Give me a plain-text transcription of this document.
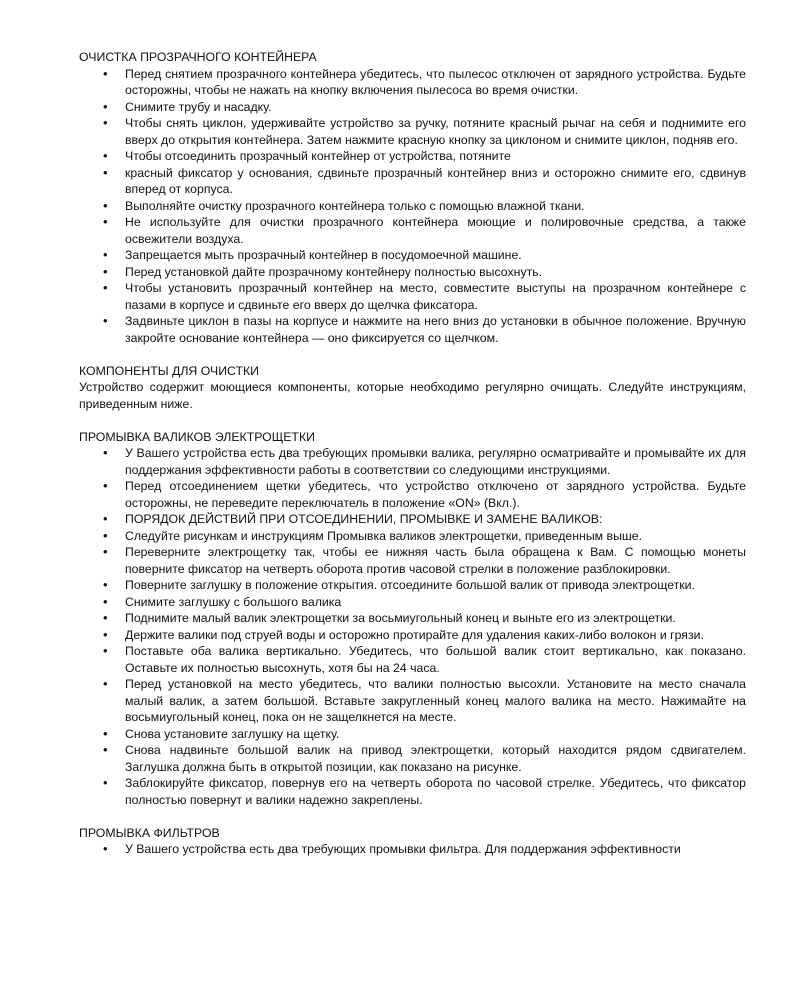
ОЧИСТКА ПРОЗРАЧНОГО КОНТЕЙНЕРА

• Перед снятием прозрачного контейнера убедитесь, что пылесос отключен от зарядного устройства. Будьте осторожны, чтобы не нажать на кнопку включения пылесоса во время очистки.
• Снимите трубу и насадку.
• Чтобы снять циклон, удерживайте устройство за ручку, потяните красный рычаг на себя и поднимите его вверх до открытия контейнера. Затем нажмите красную кнопку за циклоном и снимите циклон, подняв его.
• Чтобы отсоединить прозрачный контейнер от устройства, потяните
• красный фиксатор у основания, сдвиньте прозрачный контейнер вниз и осторожно снимите его, сдвинув вперед от корпуса.
• Выполняйте очистку прозрачного контейнера только с помощью влажной ткани.
• Не используйте для очистки прозрачного контейнера моющие и полировочные средства, а также освежители воздуха.
• Запрещается мыть прозрачный контейнер в посудомоечной машине.
• Перед установкой дайте прозрачному контейнеру полностью высохнуть.
• Чтобы установить прозрачный контейнер на место, совместите выступы на прозрачном контейнере с пазами в корпусе и сдвиньте его вверх до щелчка фиксатора.
• Задвиньте циклон в пазы на корпусе и нажмите на него вниз до установки в обычное положение. Вручную закройте основание контейнера — оно фиксируется со щелчком.

КОМПОНЕНТЫ ДЛЯ ОЧИСТКИ

Устройство содержит моющиеся компоненты, которые необходимо регулярно очищать. Следуйте инструкциям, приведенным ниже.

ПРОМЫВКА ВАЛИКОВ ЭЛЕКТРОЩЕТКИ

• У Вашего устройства есть два требующих промывки валика, регулярно осматривайте и промывайте их для поддержания эффективности работы в соответствии со следующими инструкциями.
• Перед отсоединением щетки убедитесь, что устройство отключено от зарядного устройства. Будьте осторожны, не переведите переключатель в положение «ON» (Вкл.).
• ПОРЯДОК ДЕЙСТВИЙ ПРИ ОТСОЕДИНЕНИИ, ПРОМЫВКЕ И ЗАМЕНЕ ВАЛИКОВ:
• Следуйте рисункам и инструкциям Промывка валиков электрощетки, приведенным выше.
• Переверните электрощетку так, чтобы ее нижняя часть была обращена к Вам. С помощью монеты поверните фиксатор на четверть оборота против часовой стрелки в положение разблокировки.
• Поверните заглушку в положение открытия. отсоедините большой валик от привода электрощетки.
• Снимите заглушку с большого валика
• Поднимите малый валик электрощетки за восьмиугольный конец и выньте его из электрощетки.
• Держите валики под струей воды и осторожно протирайте для удаления каких-либо волокон и грязи.
• Поставьте оба валика вертикально. Убедитесь, что большой валик стоит вертикально, как показано. Оставьте их полностью высохнуть, хотя бы на 24 часа.
• Перед установкой на место убедитесь, что валики полностью высохли. Установите на место сначала малый валик, а затем большой. Вставьте закругленный конец малого валика на место. Нажимайте на восьмиугольный конец, пока он не защелкнется на месте.
• Снова установите заглушку на щетку.
• Снова надвиньте большой валик на привод электрощетки, который находится рядом сдвигателем. Заглушка должна быть в открытой позиции, как показано на рисунке.
• Заблокируйте фиксатор, повернув его на четверть оборота по часовой стрелке. Убедитесь, что фиксатор полностью повернут и валики надежно закреплены.

ПРОМЫВКА ФИЛЬТРОВ

• У Вашего устройства есть два требующих промывки фильтра. Для поддержания эффективности
